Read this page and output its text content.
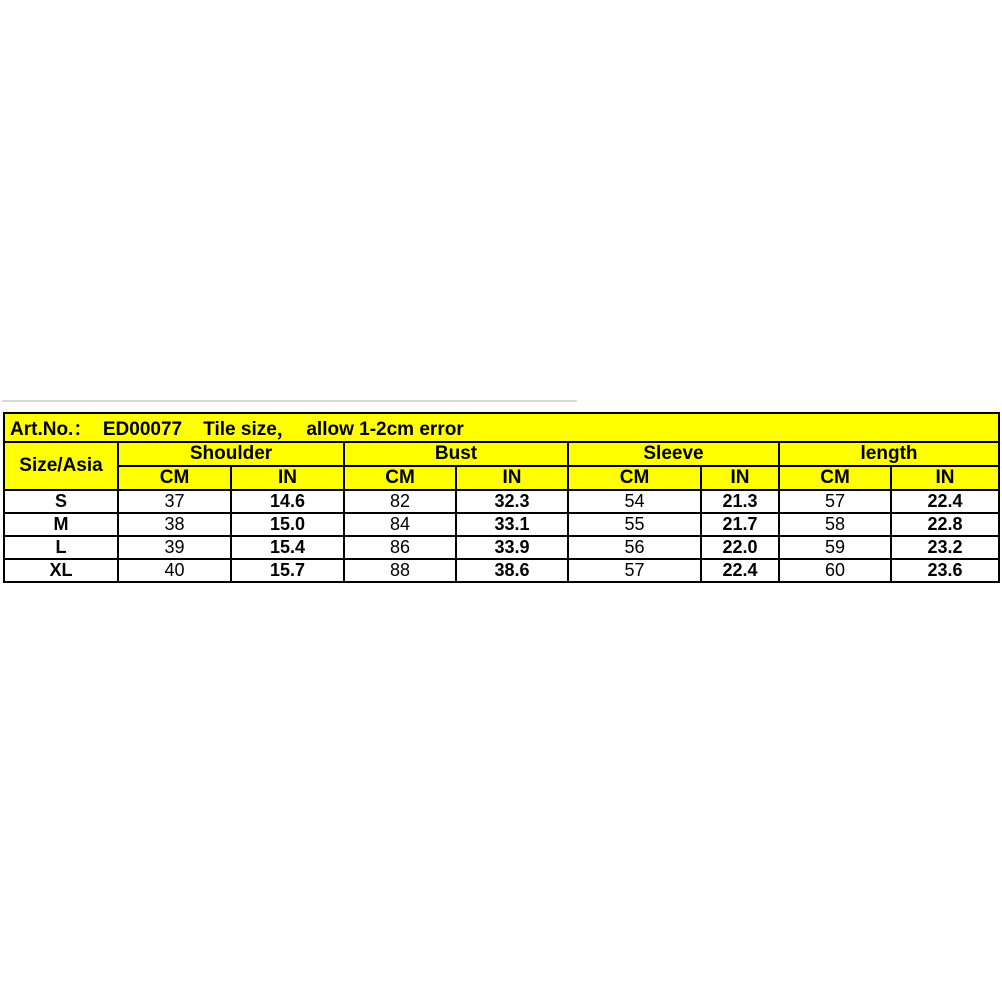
Art.No.：  ED00077    Tile size，  allow 1-2cm error								
Size/Asia	Shoulder		Bust		Sleeve		length	
	CM	IN	CM	IN	CM	IN	CM	IN
S	37	14.6	82	32.3	54	21.3	57	22.4
M	38	15.0	84	33.1	55	21.7	58	22.8
L	39	15.4	86	33.9	56	22.0	59	23.2
XL	40	15.7	88	38.6	57	22.4	60	23.6
